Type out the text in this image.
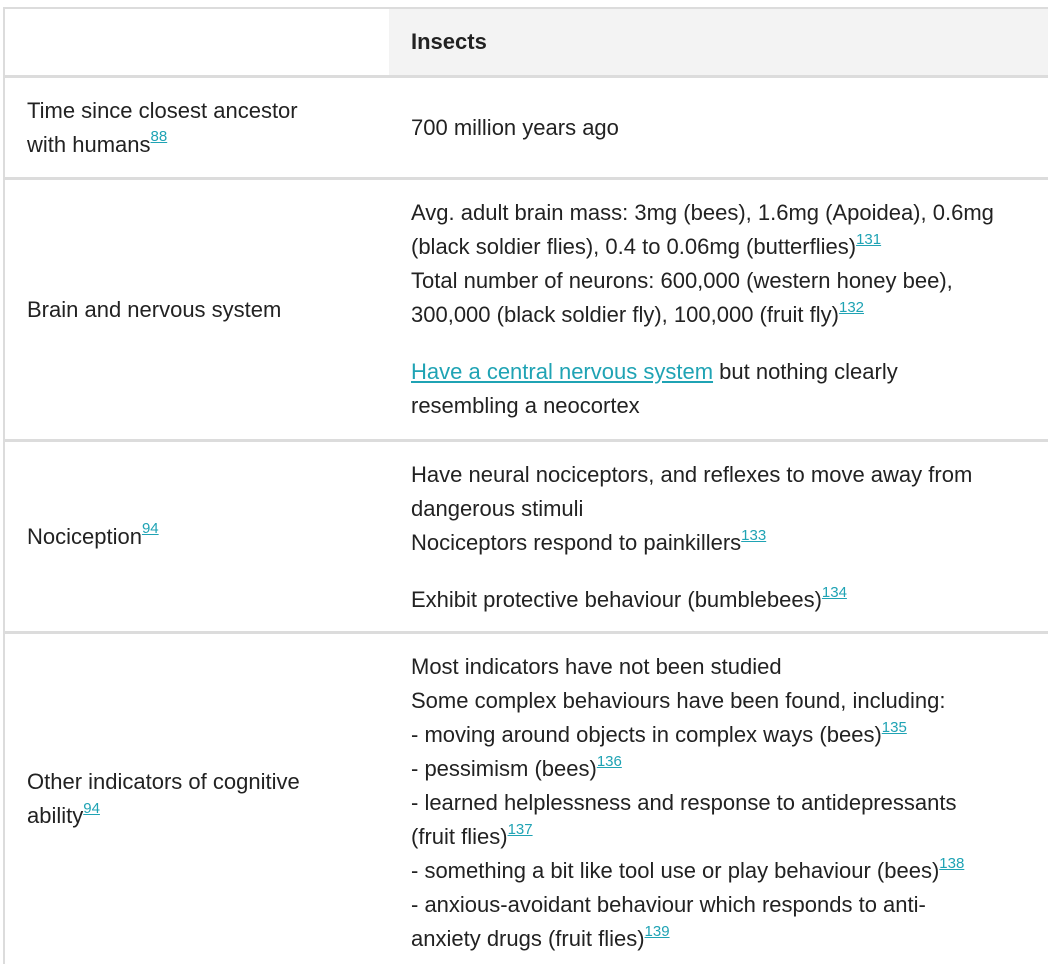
Insects
Time since closest ancestor
with humans$^{88}$	700 million years ago
Brain and nervous system
Avg. adult brain mass: 3mg (bees), 1.6mg (Apoidea), 0.6mg
(black soldier flies), 0.4 to 0.06mg (butterflies)$^{131}$
Total number of neurons: 600,000 (western honey bee),
300,000 (black soldier fly), 100,000 (fruit fly)$^{132}$
Have a central nervous system but nothing clearly
resembling a neocortex
Nociception$^{94}$
Have neural nociceptors, and reflexes to move away from
dangerous stimuli
Nociceptors respond to painkillers$^{133}$
Exhibit protective behaviour (bumblebees)$^{134}$
Other indicators of cognitive
ability$^{94}$
Most indicators have not been studied
Some complex behaviours have been found, including:
- moving around objects in complex ways (bees)$^{135}$
- pessimism (bees)$^{136}$
- learned helplessness and response to antidepressants
(fruit flies)$^{137}$
- something a bit like tool use or play behaviour (bees)$^{138}$
- anxious-avoidant behaviour which responds to anti-
anxiety drugs (fruit flies)$^{139}$
